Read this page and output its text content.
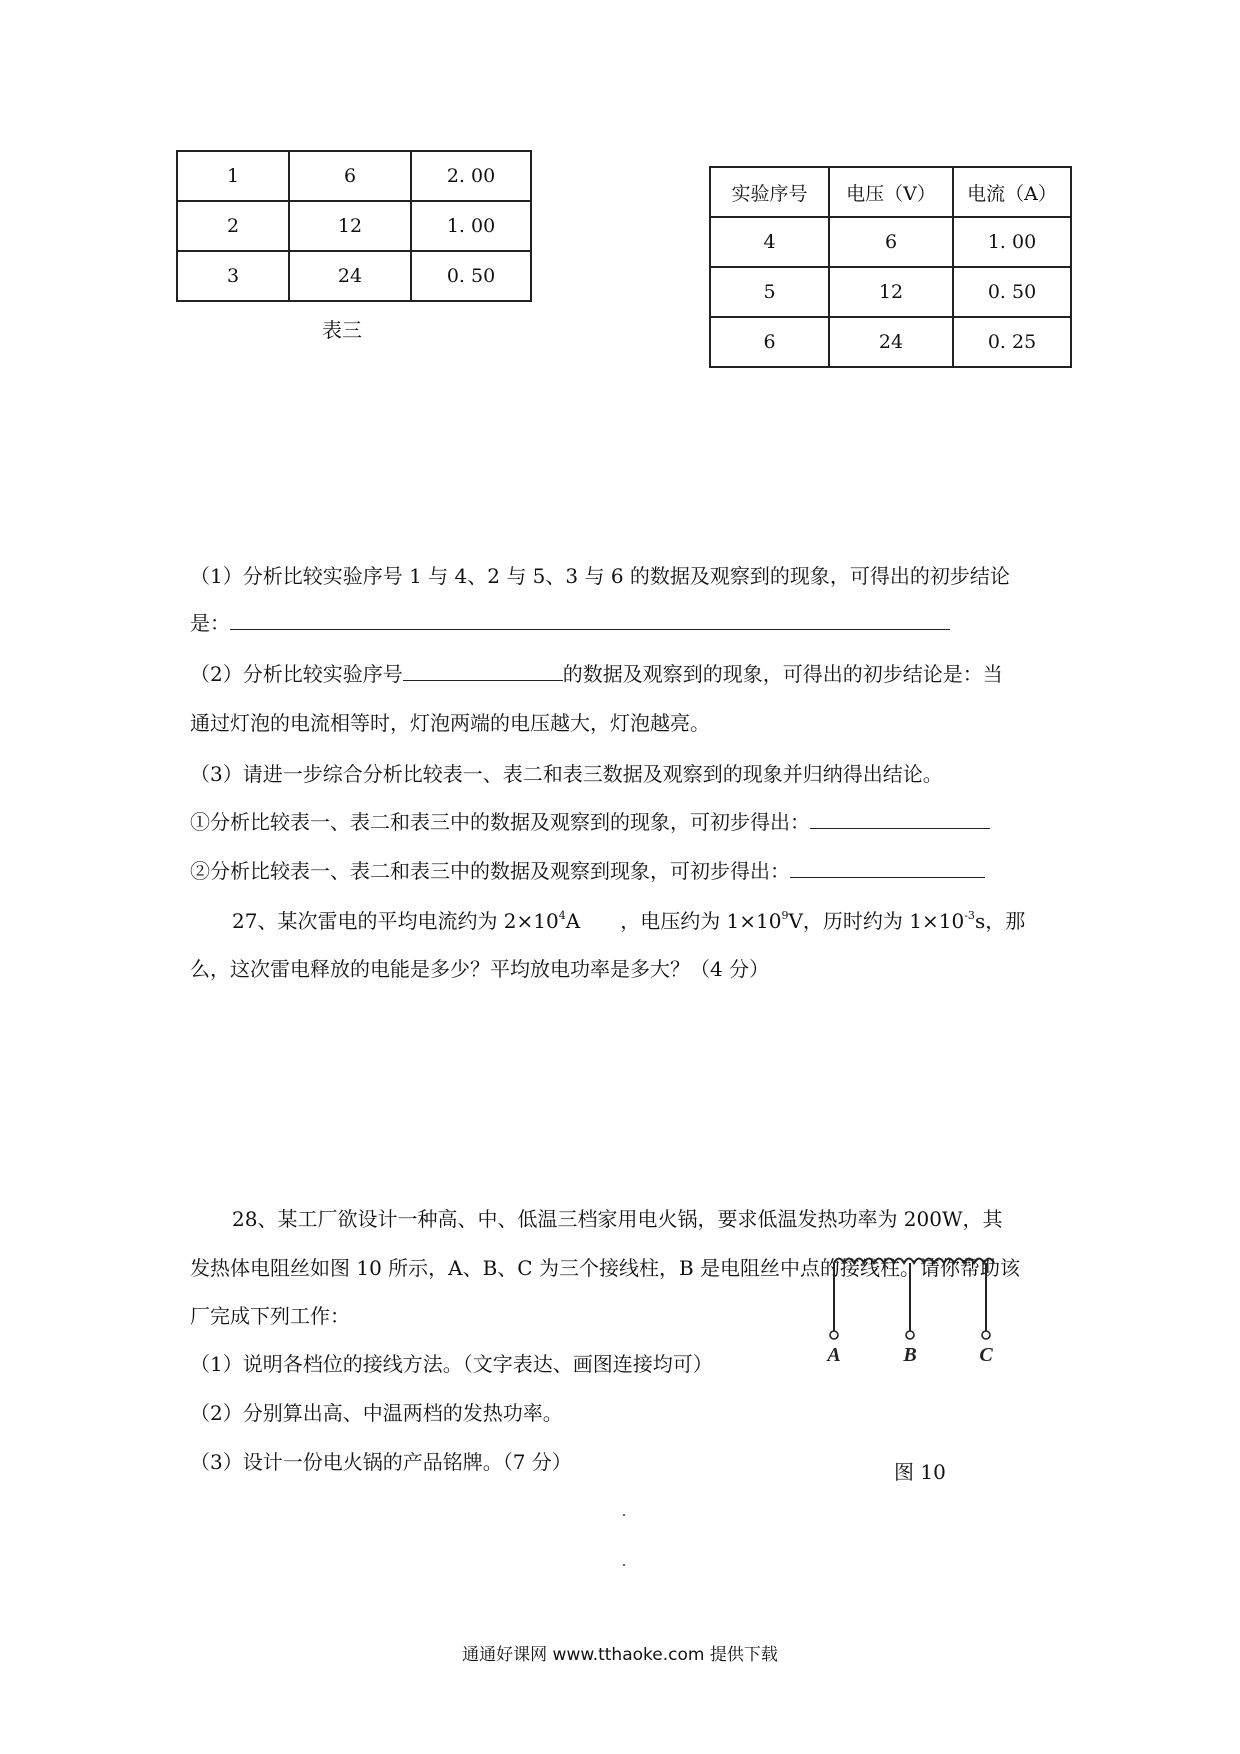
1	6	2. 00
2	12	1. 00
3	24	0. 50
表三
实验序号	电压（V）	电流（A）
4	6	1. 00
5	12	0. 50
6	24	0. 25
（1）分析比较实验序号 1 与 4、2 与 5、3 与 6 的数据及观察到的现象，可得出的初步结论
是：
（2）分析比较实验序号	的数据及观察到的现象，可得出的初步结论是：当
通过灯泡的电流相等时，灯泡两端的电压越大，灯泡越亮。
（3）请进一步综合分析比较表一、表二和表三数据及观察到的现象并归纳得出结论。
①分析比较表一、表二和表三中的数据及观察到的现象，可初步得出：
②分析比较表一、表二和表三中的数据及观察到现象，可初步得出：
27、某次雷电的平均电流约为 $2\times 10^4A$　　，电压约为 $1\times 10^9V$，历时约为 $1\times 10^{-3}s$，那
么，这次雷电释放的电能是多少？平均放电功率是多大？（4 分）
28、某工厂欲设计一种高、中、低温三档家用电火锅，要求低温发热功率为 200W，其
发热体电阻丝如图 10 所示，A、B、C 为三个接线柱，B 是电阻丝中点的接线柱。请你帮助该
厂完成下列工作：
（1）说明各档位的接线方法。（文字表达、画图连接均可）
（2）分别算出高、中温两档的发热功率。
（3）设计一份电火锅的产品铭牌。（7 分）
A	B	C
图 10
通通好课网 www.tthaoke.com 提供下载
